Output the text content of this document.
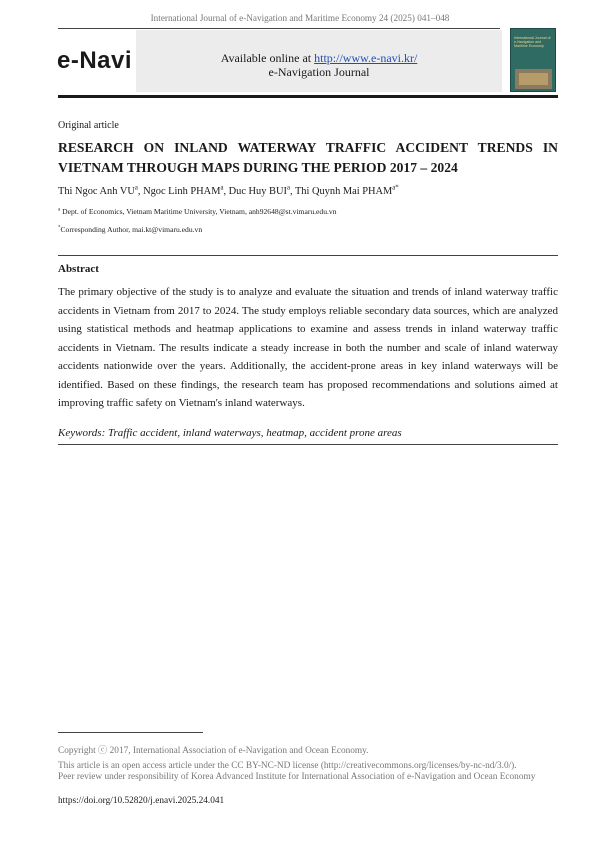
International Journal of e-Navigation and Maritime Economy 24 (2025) 041–048
e-Navi	Available online at http://www.e-navi.kr/
e-Navigation Journal
International Journal of e-Navigation and Maritime Economy
Original article
RESEARCH ON INLAND WATERWAY TRAFFIC ACCIDENT TRENDS IN VIETNAM THROUGH MAPS DURING THE PERIOD 2017 – 2024
Thi Ngoc Anh $VU^a$, Ngoc Linh PHAM$^a$, Duc Huy BUI$^a$, Thi Quynh Mai $PHAM^{a*}$
$^a$ Dept. of Economics, Vietnam Maritime University, Vietnam, anh92648@st.vimaru.edu.vn
*Corresponding Author, mai.kt@vimaru.edu.vn
Abstract
The primary objective of the study is to analyze and evaluate the situation and trends of inland waterway traffic accidents in Vietnam from 2017 to 2024. The study employs reliable secondary data sources, which are analyzed using statistical methods and heatmap applications to examine and assess trends in inland waterway traffic accidents in Vietnam. The results indicate a steady increase in both the number and scale of inland waterway accidents nationwide over the years. Additionally, the accident-prone areas in key inland waterways will be identified. Based on these findings, the research team has proposed recommendations and solutions aimed at improving traffic safety on Vietnam's inland waterways.
Keywords: Traffic accident, inland waterways, heatmap, accident prone areas
Copyright ⓒ 2017, International Association of e-Navigation and Ocean Economy.
This article is an open access article under the CC BY-NC-ND license (http://creativecommons.org/licenses/by-nc-nd/3.0/).
Peer review under responsibility of Korea Advanced Institute for International Association of e-Navigation and Ocean Economy
https://doi.org/10.52820/j.enavi.2025.24.041
